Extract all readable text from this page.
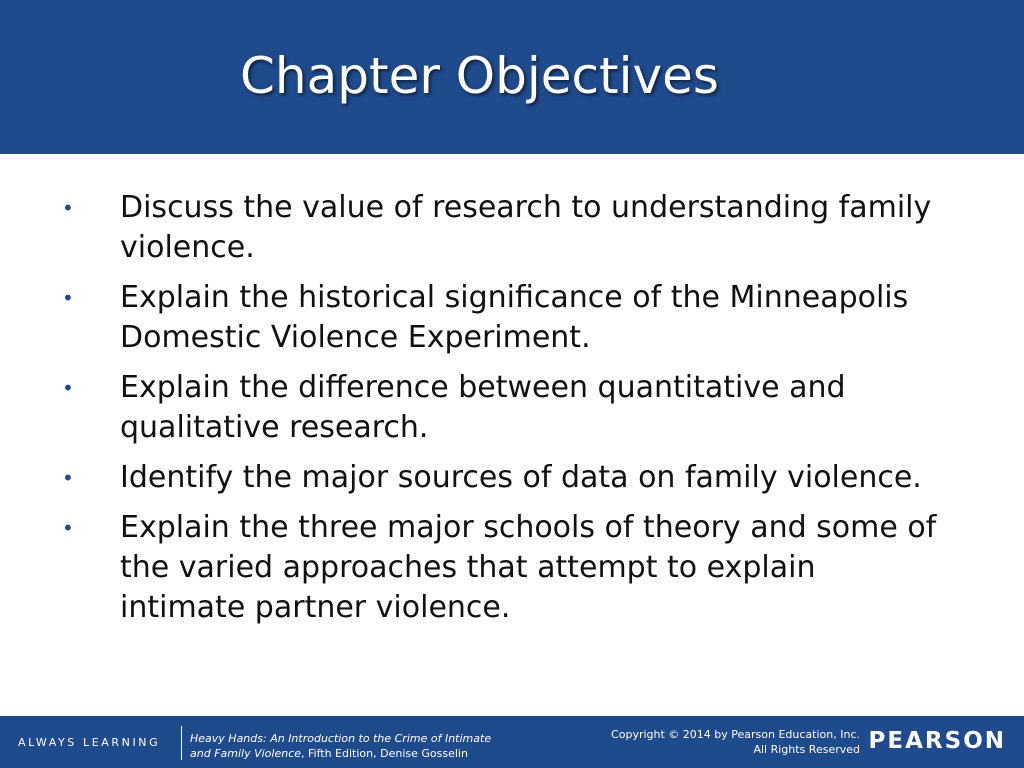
Chapter Objectives
• Discuss the value of research to understanding family violence.
• Explain the historical significance of the Minneapolis Domestic Violence Experiment.
• Explain the difference between quantitative and qualitative research.
• Identify the major sources of data on family violence.
• Explain the three major schools of theory and some of the varied approaches that attempt to explain intimate partner violence.
ALWAYS LEARNING	Heavy Hands: An Introduction to the Crime of Intimate
and Family Violence, Fifth Edition, Denise Gosselin
Copyright © 2014 by Pearson Education, Inc.
All Rights Reserved PEARSON
